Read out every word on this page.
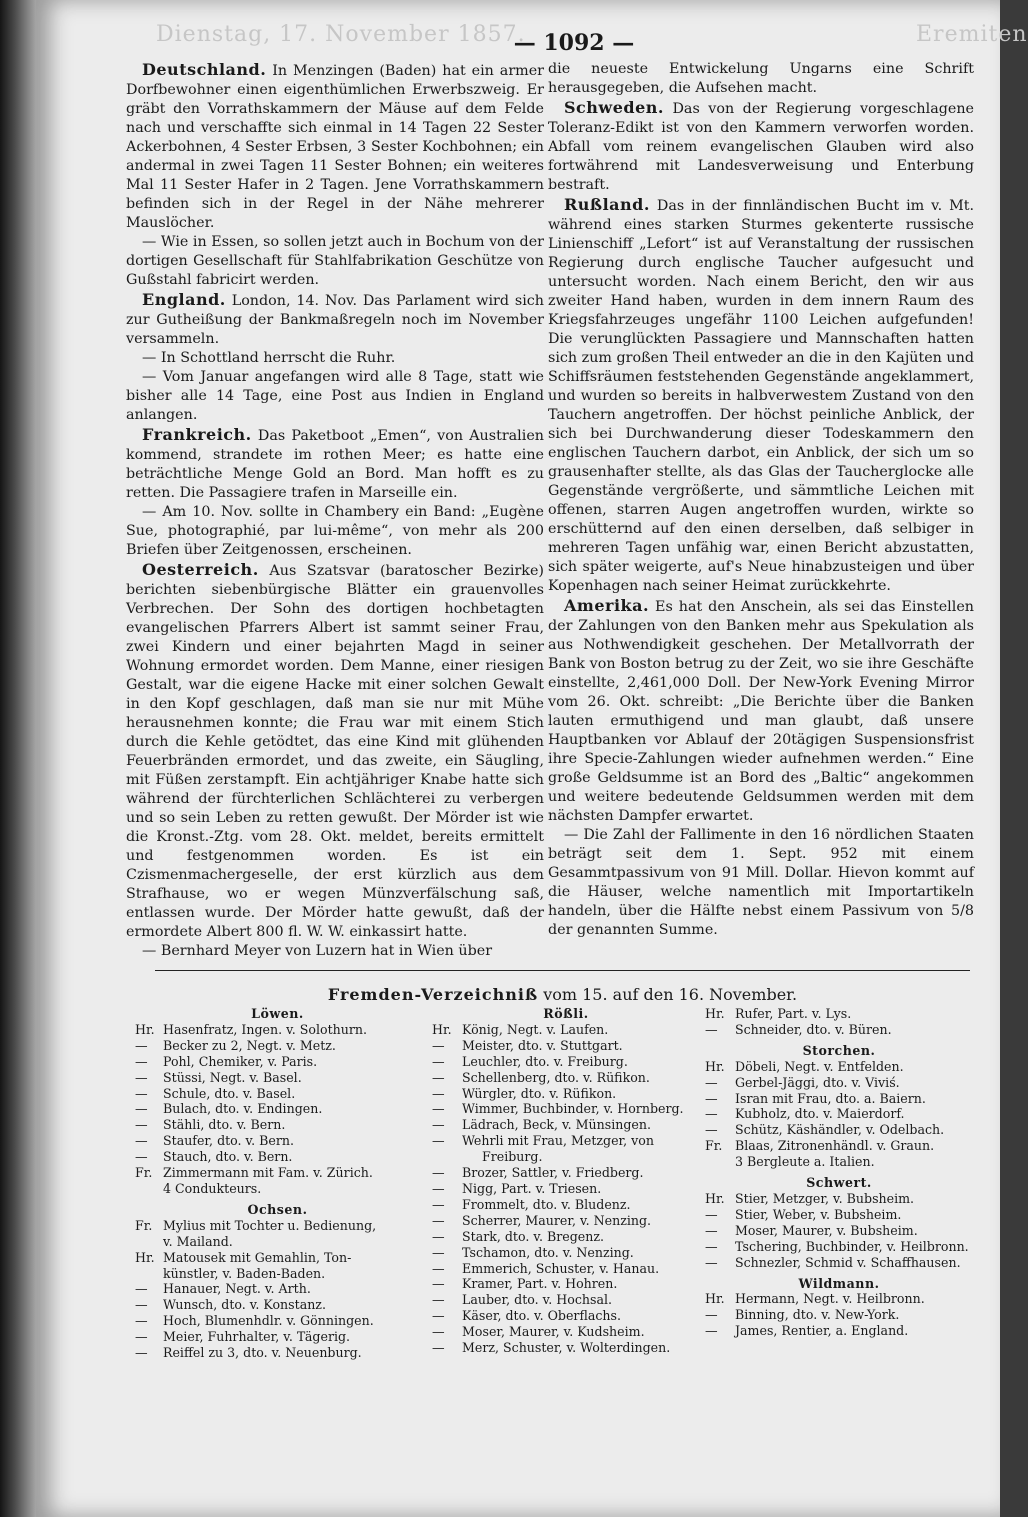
Dienstag, 17. November 1857.	Eremiten
— 1092 —

Deutschland. In Menzingen (Baden) hat ein armer Dorfbewohner einen eigenthümlichen Erwerbszweig. Er gräbt den Vorrathskammern der Mäuse auf dem Felde nach und verschaffte sich einmal in 14 Tagen 22 Sester Ackerbohnen, 4 Sester Erbsen, 3 Sester Kochbohnen; ein andermal in zwei Tagen 11 Sester Bohnen; ein weiteres Mal 11 Sester Hafer in 2 Tagen. Jene Vorrathskammern befinden sich in der Regel in der Nähe mehrerer Mauslöcher.

— Wie in Essen, so sollen jetzt auch in Bochum von der dortigen Gesellschaft für Stahlfabrikation Geschütze von Gußstahl fabricirt werden.

England. London, 14. Nov. Das Parlament wird sich zur Gutheißung der Bankmaßregeln noch im November versammeln.

— In Schottland herrscht die Ruhr.

— Vom Januar angefangen wird alle 8 Tage, statt wie bisher alle 14 Tage, eine Post aus Indien in England anlangen.

Frankreich. Das Paketboot „Emen“, von Australien kommend, strandete im rothen Meer; es hatte eine beträchtliche Menge Gold an Bord. Man hofft es zu retten. Die Passagiere trafen in Marseille ein.

— Am 10. Nov. sollte in Chambery ein Band: „Eugène Sue, photographié, par lui-même“, von mehr als 200 Briefen über Zeitgenossen, erscheinen.

Oesterreich. Aus Szatsvar (baratoscher Bezirke) berichten siebenbürgische Blätter ein grauenvolles Verbrechen. Der Sohn des dortigen hochbetagten evangelischen Pfarrers Albert ist sammt seiner Frau, zwei Kindern und einer bejahrten Magd in seiner Wohnung ermordet worden. Dem Manne, einer riesigen Gestalt, war die eigene Hacke mit einer solchen Gewalt in den Kopf geschlagen, daß man sie nur mit Mühe herausnehmen konnte; die Frau war mit einem Stich durch die Kehle getödtet, das eine Kind mit glühenden Feuerbränden ermordet, und das zweite, ein Säugling, mit Füßen zerstampft. Ein achtjähriger Knabe hatte sich während der fürchterlichen Schlächterei zu verbergen und so sein Leben zu retten gewußt. Der Mörder ist wie die Kronst.-Ztg. vom 28. Okt. meldet, bereits ermittelt und festgenommen worden. Es ist ein Czismenmachergeselle, der erst kürzlich aus dem Strafhause, wo er wegen Münzverfälschung saß, entlassen wurde. Der Mörder hatte gewußt, daß der ermordete Albert 800 fl. W. W. einkassirt hatte.

— Bernhard Meyer von Luzern hat in Wien über

die neueste Entwickelung Ungarns eine Schrift herausgegeben, die Aufsehen macht.

Schweden. Das von der Regierung vorgeschlagene Toleranz-Edikt ist von den Kammern verworfen worden. Abfall vom reinem evangelischen Glauben wird also fortwährend mit Landesverweisung und Enterbung bestraft.

Rußland. Das in der finnländischen Bucht im v. Mt. während eines starken Sturmes gekenterte russische Linienschiff „Lefort“ ist auf Veranstaltung der russischen Regierung durch englische Taucher aufgesucht und untersucht worden. Nach einem Bericht, den wir aus zweiter Hand haben, wurden in dem innern Raum des Kriegsfahrzeuges ungefähr 1100 Leichen aufgefunden! Die verunglückten Passagiere und Mannschaften hatten sich zum großen Theil entweder an die in den Kajüten und Schiffsräumen feststehenden Gegenstände angeklammert, und wurden so bereits in halbverwestem Zustand von den Tauchern angetroffen. Der höchst peinliche Anblick, der sich bei Durchwanderung dieser Todeskammern den englischen Tauchern darbot, ein Anblick, der sich um so grausenhafter stellte, als das Glas der Taucherglocke alle Gegenstände vergrößerte, und sämmtliche Leichen mit offenen, starren Augen angetroffen wurden, wirkte so erschütternd auf den einen derselben, daß selbiger in mehreren Tagen unfähig war, einen Bericht abzustatten, sich später weigerte, auf's Neue hinabzusteigen und über Kopenhagen nach seiner Heimat zurückkehrte.

Amerika. Es hat den Anschein, als sei das Einstellen der Zahlungen von den Banken mehr aus Spekulation als aus Nothwendigkeit geschehen. Der Metallvorrath der Bank von Boston betrug zu der Zeit, wo sie ihre Geschäfte einstellte, 2,461,000 Doll. Der New-York Evening Mirror vom 26. Okt. schreibt: „Die Berichte über die Banken lauten ermuthigend und man glaubt, daß unsere Hauptbanken vor Ablauf der 20tägigen Suspensionsfrist ihre Specie-Zahlungen wieder aufnehmen werden.“ Eine große Geldsumme ist an Bord des „Baltic“ angekommen und weitere bedeutende Geldsummen werden mit dem nächsten Dampfer erwartet.

— Die Zahl der Fallimente in den 16 nördlichen Staaten beträgt seit dem 1. Sept. 952 mit einem Gesammtpassivum von 91 Mill. Dollar. Hievon kommt auf die Häuser, welche namentlich mit Importartikeln handeln, über die Hälfte nebst einem Passivum von 5/8 der genannten Summe.

Fremden-Verzeichniß vom 15. auf den 16. November.
Löwen.
Hr. Hasenfratz, Ingen. v. Solothurn.
—	Becker zu 2, Negt. v. Metz.
—	Pohl, Chemiker, v. Paris.
—	Stüssi, Negt. v. Basel.
—	Schule, dto. v. Basel.
—	Bulach, dto. v. Endingen.
—	Stähli, dto. v. Bern.
—	Staufer, dto. v. Bern.
—	Stauch, dto. v. Bern.
Fr. Zimmermann mit Fam. v. Zürich.
4 Condukteurs.
Ochsen.
Fr. Mylius mit Tochter u. Bedienung,
v. Mailand.
Hr. Matousek mit Gemahlin, Ton-
künstler, v. Baden-Baden.
—	Hanauer, Negt. v. Arth.
—	Wunsch, dto. v. Konstanz.
—	Hoch, Blumenhdlr. v. Gönningen.
—	Meier, Fuhrhalter, v. Tägerig.
—	Reiffel zu 3, dto. v. Neuenburg.
Rößli.
Hr. König, Negt. v. Laufen.
—	Meister, dto. v. Stuttgart.
—	Leuchler, dto. v. Freiburg.
—	Schellenberg, dto. v. Rüfikon.
—	Würgler, dto. v. Rüfikon.
—	Wimmer, Buchbinder, v. Hornberg.
—	Lädrach, Beck, v. Münsingen.
—	Wehrli mit Frau, Metzger, von
Freiburg.
—	Brozer, Sattler, v. Friedberg.
—	Nigg, Part. v. Triesen.
—	Frommelt, dto. v. Bludenz.
—	Scherrer, Maurer, v. Nenzing.
—	Stark, dto. v. Bregenz.
—	Tschamon, dto. v. Nenzing.
—	Emmerich, Schuster, v. Hanau.
—	Kramer, Part. v. Hohren.
—	Lauber, dto. v. Hochsal.
—	Käser, dto. v. Oberflachs.
—	Moser, Maurer, v. Kudsheim.
—	Merz, Schuster, v. Wolterdingen.
Hr. Rufer, Part. v. Lys.
—	Schneider, dto. v. Büren.
Storchen.
Hr. Döbeli, Negt. v. Entfelden.
—	Gerbel-Jäggi, dto. v. Viviś.
—	Isran mit Frau, dto. a. Baiern.
—	Kubholz, dto. v. Maierdorf.
—	Schütz, Käshändler, v. Odelbach.
Fr.	Blaas, Zitronenhändl. v. Graun.
3 Bergleute a. Italien.
Schwert.
Hr. Stier, Metzger, v. Bubsheim.
—	Stier, Weber, v. Bubsheim.
—	Moser, Maurer, v. Bubsheim.
—	Tschering, Buchbinder, v. Heilbronn.
—	Schnezler, Schmid v. Schaffhausen.
Wildmann.
Hr. Hermann, Negt. v. Heilbronn.
—	Binning, dto. v. New-York.
—	James, Rentier, a. England.
